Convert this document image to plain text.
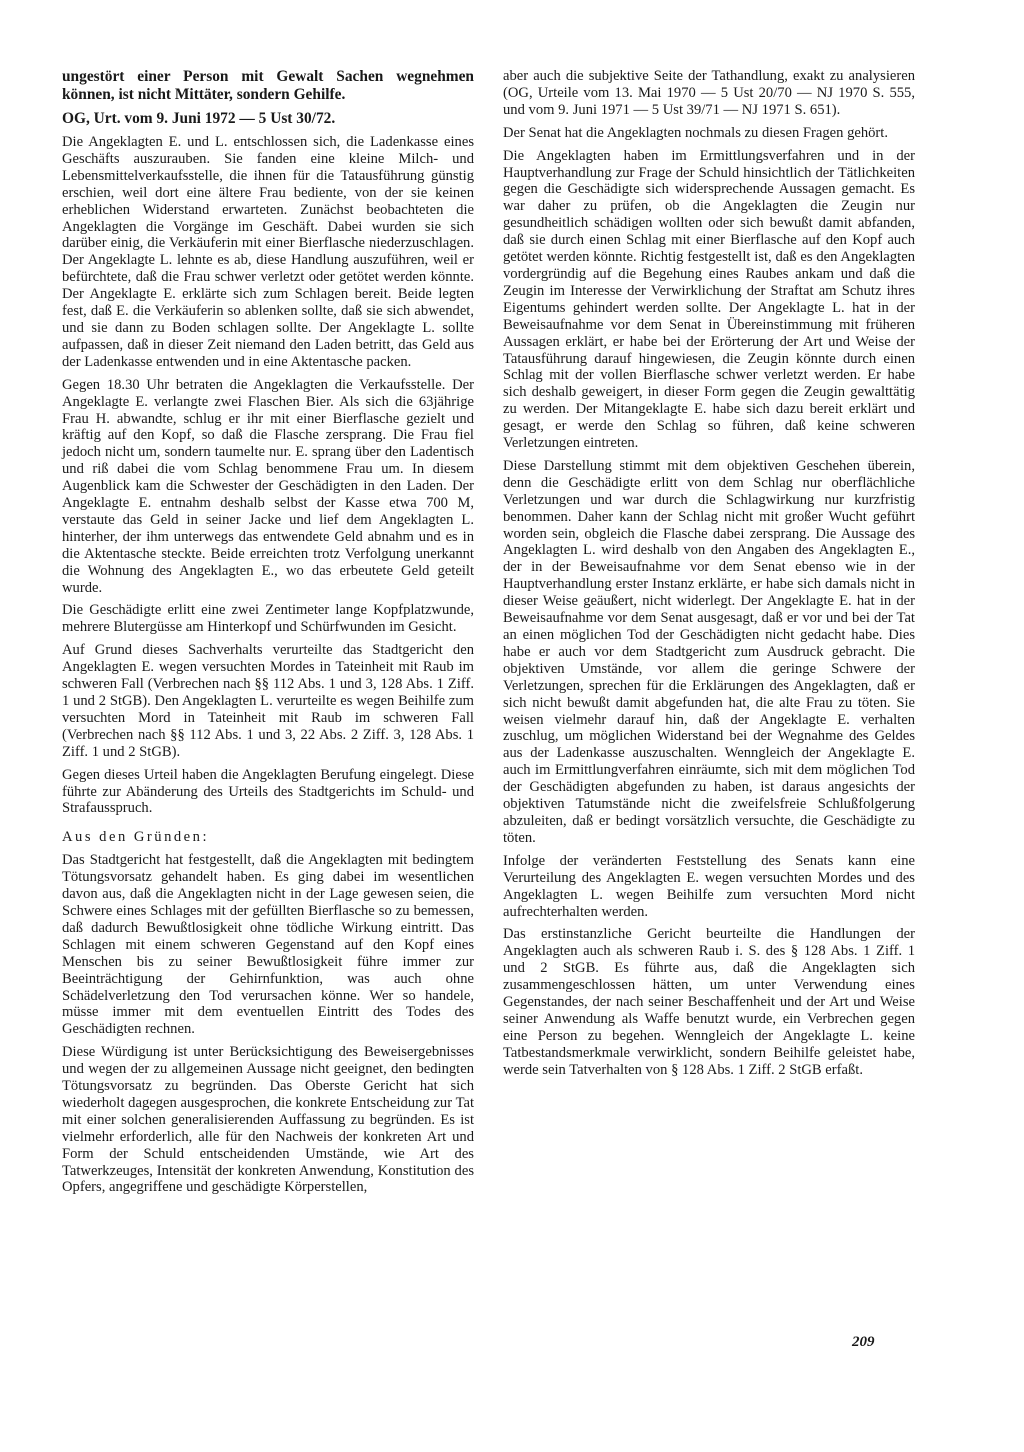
ungestört einer Person mit Gewalt Sachen wegnehmen können, ist nicht Mittäter, sondern Gehilfe.

OG, Urt. vom 9. Juni 1972 — 5 Ust 30/72.

Die Angeklagten E. und L. entschlossen sich, die Ladenkasse eines Geschäfts auszurauben. Sie fanden eine kleine Milch- und Lebensmittelverkaufsstelle, die ihnen für die Tatausführung günstig erschien, weil dort eine ältere Frau bediente, von der sie keinen erheblichen Widerstand erwarteten. Zunächst beobachteten die Angeklagten die Vorgänge im Geschäft. Dabei wurden sie sich darüber einig, die Verkäuferin mit einer Bierflasche niederzuschlagen. Der Angeklagte L. lehnte es ab, diese Handlung auszuführen, weil er befürchtete, daß die Frau schwer verletzt oder getötet werden könnte. Der Angeklagte E. erklärte sich zum Schlagen bereit. Beide legten fest, daß E. die Verkäuferin so ablenken sollte, daß sie sich abwendet, und sie dann zu Boden schlagen sollte. Der Angeklagte L. sollte aufpassen, daß in dieser Zeit niemand den Laden betritt, das Geld aus der Ladenkasse entwenden und in eine Aktentasche packen.

Gegen 18.30 Uhr betraten die Angeklagten die Verkaufsstelle. Der Angeklagte E. verlangte zwei Flaschen Bier. Als sich die 63jährige Frau H. abwandte, schlug er ihr mit einer Bierflasche gezielt und kräftig auf den Kopf, so daß die Flasche zersprang. Die Frau fiel jedoch nicht um, sondern taumelte nur. E. sprang über den Ladentisch und riß dabei die vom Schlag benommene Frau um. In diesem Augenblick kam die Schwester der Geschädigten in den Laden. Der Angeklagte E. entnahm deshalb selbst der Kasse etwa 700 M, verstaute das Geld in seiner Jacke und lief dem Angeklagten L. hinterher, der ihm unterwegs das entwendete Geld abnahm und es in die Aktentasche steckte. Beide erreichten trotz Verfolgung unerkannt die Wohnung des Angeklagten E., wo das erbeutete Geld geteilt wurde.

Die Geschädigte erlitt eine zwei Zentimeter lange Kopfplatzwunde, mehrere Blutergüsse am Hinterkopf und Schürfwunden im Gesicht.

Auf Grund dieses Sachverhalts verurteilte das Stadtgericht den Angeklagten E. wegen versuchten Mordes in Tateinheit mit Raub im schweren Fall (Verbrechen nach §§ 112 Abs. 1 und 3, 128 Abs. 1 Ziff. 1 und 2 StGB). Den Angeklagten L. verurteilte es wegen Beihilfe zum versuchten Mord in Tateinheit mit Raub im schweren Fall (Verbrechen nach §§ 112 Abs. 1 und 3, 22 Abs. 2 Ziff. 3, 128 Abs. 1 Ziff. 1 und 2 StGB).

Gegen dieses Urteil haben die Angeklagten Berufung eingelegt. Diese führte zur Abänderung des Urteils des Stadtgerichts im Schuld- und Strafausspruch.

Aus den Gründen:

Das Stadtgericht hat festgestellt, daß die Angeklagten mit bedingtem Tötungsvorsatz gehandelt haben. Es ging dabei im wesentlichen davon aus, daß die Angeklagten nicht in der Lage gewesen seien, die Schwere eines Schlages mit der gefüllten Bierflasche so zu bemessen, daß dadurch Bewußtlosigkeit ohne tödliche Wirkung eintritt. Das Schlagen mit einem schweren Gegenstand auf den Kopf eines Menschen bis zu seiner Bewußtlosigkeit führe immer zur Beeinträchtigung der Gehirnfunktion, was auch ohne Schädelverletzung den Tod verursachen könne. Wer so handele, müsse immer mit dem eventuellen Eintritt des Todes des Geschädigten rechnen.

Diese Würdigung ist unter Berücksichtigung des Beweisergebnisses und wegen der zu allgemeinen Aussage nicht geeignet, den bedingten Tötungsvorsatz zu begründen. Das Oberste Gericht hat sich wiederholt dagegen ausgesprochen, die konkrete Entscheidung zur Tat mit einer solchen generalisierenden Auffassung zu begründen. Es ist vielmehr erforderlich, alle für den Nachweis der konkreten Art und Form der Schuld entscheidenden Umstände, wie Art des Tatwerkzeuges, Intensität der konkreten Anwendung, Konstitution des Opfers, angegriffene und geschädigte Körperstellen,

aber auch die subjektive Seite der Tathandlung, exakt zu analysieren (OG, Urteile vom 13. Mai 1970 — 5 Ust 20/70 — NJ 1970 S. 555, und vom 9. Juni 1971 — 5 Ust 39/71 — NJ 1971 S. 651).

Der Senat hat die Angeklagten nochmals zu diesen Fragen gehört.

Die Angeklagten haben im Ermittlungsverfahren und in der Hauptverhandlung zur Frage der Schuld hinsichtlich der Tätlichkeiten gegen die Geschädigte sich widersprechende Aussagen gemacht. Es war daher zu prüfen, ob die Angeklagten die Zeugin nur gesundheitlich schädigen wollten oder sich bewußt damit abfanden, daß sie durch einen Schlag mit einer Bierflasche auf den Kopf auch getötet werden könnte. Richtig festgestellt ist, daß es den Angeklagten vordergründig auf die Begehung eines Raubes ankam und daß die Zeugin im Interesse der Verwirklichung der Straftat am Schutz ihres Eigentums gehindert werden sollte. Der Angeklagte L. hat in der Beweisaufnahme vor dem Senat in Übereinstimmung mit früheren Aussagen erklärt, er habe bei der Erörterung der Art und Weise der Tatausführung darauf hingewiesen, die Zeugin könnte durch einen Schlag mit der vollen Bierflasche schwer verletzt werden. Er habe sich deshalb geweigert, in dieser Form gegen die Zeugin gewalttätig zu werden. Der Mitangeklagte E. habe sich dazu bereit erklärt und gesagt, er werde den Schlag so führen, daß keine schweren Verletzungen eintreten.

Diese Darstellung stimmt mit dem objektiven Geschehen überein, denn die Geschädigte erlitt von dem Schlag nur oberflächliche Verletzungen und war durch die Schlagwirkung nur kurzfristig benommen. Daher kann der Schlag nicht mit großer Wucht geführt worden sein, obgleich die Flasche dabei zersprang. Die Aussage des Angeklagten L. wird deshalb von den Angaben des Angeklagten E., der in der Beweisaufnahme vor dem Senat ebenso wie in der Hauptverhandlung erster Instanz erklärte, er habe sich damals nicht in dieser Weise geäußert, nicht widerlegt. Der Angeklagte E. hat in der Beweisaufnahme vor dem Senat ausgesagt, daß er vor und bei der Tat an einen möglichen Tod der Geschädigten nicht gedacht habe. Dies habe er auch vor dem Stadtgericht zum Ausdruck gebracht. Die objektiven Umstände, vor allem die geringe Schwere der Verletzungen, sprechen für die Erklärungen des Angeklagten, daß er sich nicht bewußt damit abgefunden hat, die alte Frau zu töten. Sie weisen vielmehr darauf hin, daß der Angeklagte E. verhalten zuschlug, um möglichen Widerstand bei der Wegnahme des Geldes aus der Ladenkasse auszuschalten. Wenngleich der Angeklagte E. auch im Ermittlungverfahren einräumte, sich mit dem möglichen Tod der Geschädigten abgefunden zu haben, ist daraus angesichts der objektiven Tatumstände nicht die zweifelsfreie Schlußfolgerung abzuleiten, daß er bedingt vorsätzlich versuchte, die Geschädigte zu töten.

Infolge der veränderten Feststellung des Senats kann eine Verurteilung des Angeklagten E. wegen versuchten Mordes und des Angeklagten L. wegen Beihilfe zum versuchten Mord nicht aufrechterhalten werden.

Das erstinstanzliche Gericht beurteilte die Handlungen der Angeklagten auch als schweren Raub i. S. des § 128 Abs. 1 Ziff. 1 und 2 StGB. Es führte aus, daß die Angeklagten sich zusammengeschlossen hätten, um unter Verwendung eines Gegenstandes, der nach seiner Beschaffenheit und der Art und Weise seiner Anwendung als Waffe benutzt wurde, ein Verbrechen gegen eine Person zu begehen. Wenngleich der Angeklagte L. keine Tatbestandsmerkmale verwirklicht, sondern Beihilfe geleistet habe, werde sein Tatverhalten von § 128 Abs. 1 Ziff. 2 StGB erfaßt.

209
